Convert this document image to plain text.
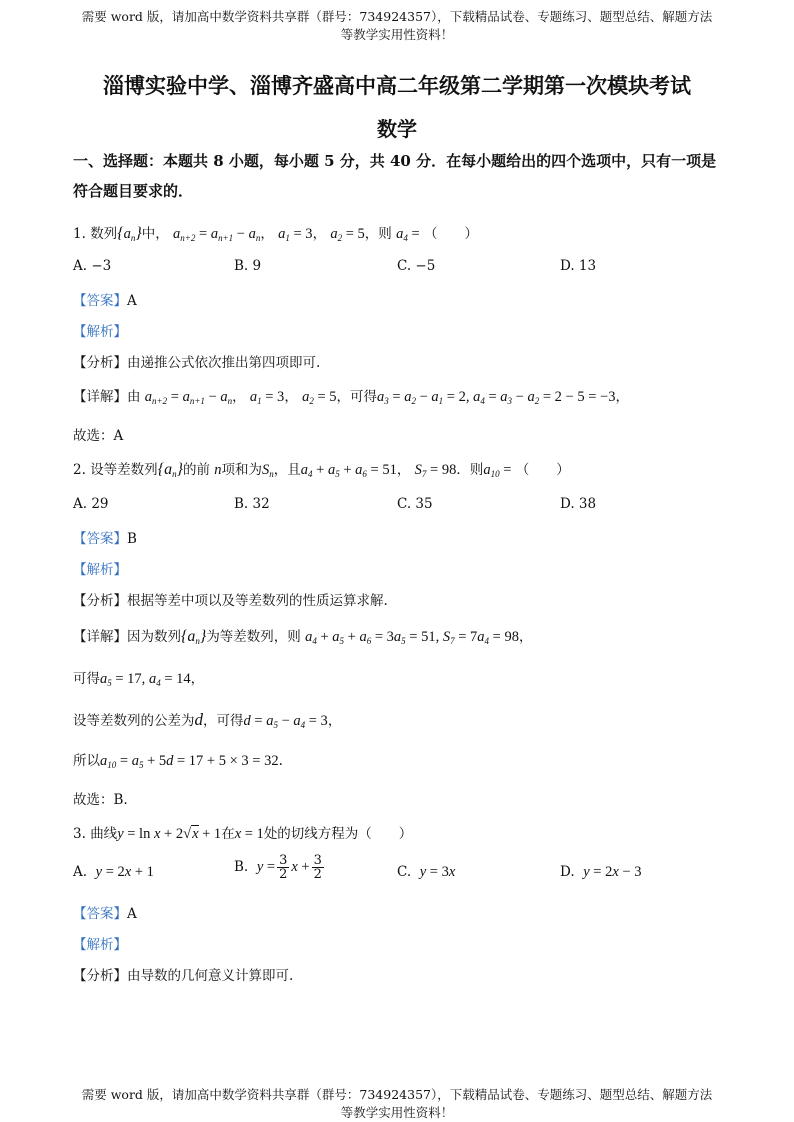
需要 word 版，请加高中数学资料共享群（群号：734924357），下载精品试卷、专题练习、题型总结、解题方法
等教学实用性资料！
淄博实验中学、淄博齐盛高中高二年级第二学期第一次模块考试
数学
一、选择题：本题共 8 小题，每小题 5 分，共 40 分．在每小题给出的四个选项中，只有一项是符合题目要求的．
1. 数列$\{a_n\}$中， $a_{n+2} = a_{n+1} - a_n$， $a_1 = 3$， $a_2 = 5$，则 $a_4$ = （　　）
A. −3	B. 9	C. −5	D. 13
【答案】A
【解析】
【分析】由递推公式依次推出第四项即可.
【详解】由 $a_{n+2} = a_{n+1} - a_n$， $a_1 = 3$， $a_2 = 5$，可得$a_3 = a_2 - a_1 = 2$, $a_4 = a_3 - a_2 = 2 - 5 = -3$，
故选：A
2. 设等差数列$\{a_n\}$的前 n项和为$S_n$，且$a_4 + a_5 + a_6 = 51$， $S_7 = 98$．则$a_{10}$ = （　　）
A. 29	B. 32	C. 35	D. 38
【答案】B
【解析】
【分析】根据等差中项以及等差数列的性质运算求解.
【详解】因为数列$\{a_n\}$为等差数列，则 $a_4 + a_5 + a_6 = 3a_5 = 51$, $S_7 = 7a_4 = 98$，
可得$a_5 = 17$, $a_4 = 14$，
设等差数列的公差为d，可得$d = a_5 - a_4 = 3$，
所以$a_{10} = a_5 + 5d = 17 + 5 \times 3 = 32$.
故选：B.
3. 曲线y = ln x + 2√x + 1在x = 1处的切线方程为（　　）
A. y = 2x + 1	B. $y = \frac{3}{2}$ $x + \frac{3}{2}$	C. y = 3x	D. y = 2x − 3
【答案】A
【解析】
【分析】由导数的几何意义计算即可.
需要 word 版，请加高中数学资料共享群（群号：734924357），下载精品试卷、专题练习、题型总结、解题方法
等教学实用性资料！
